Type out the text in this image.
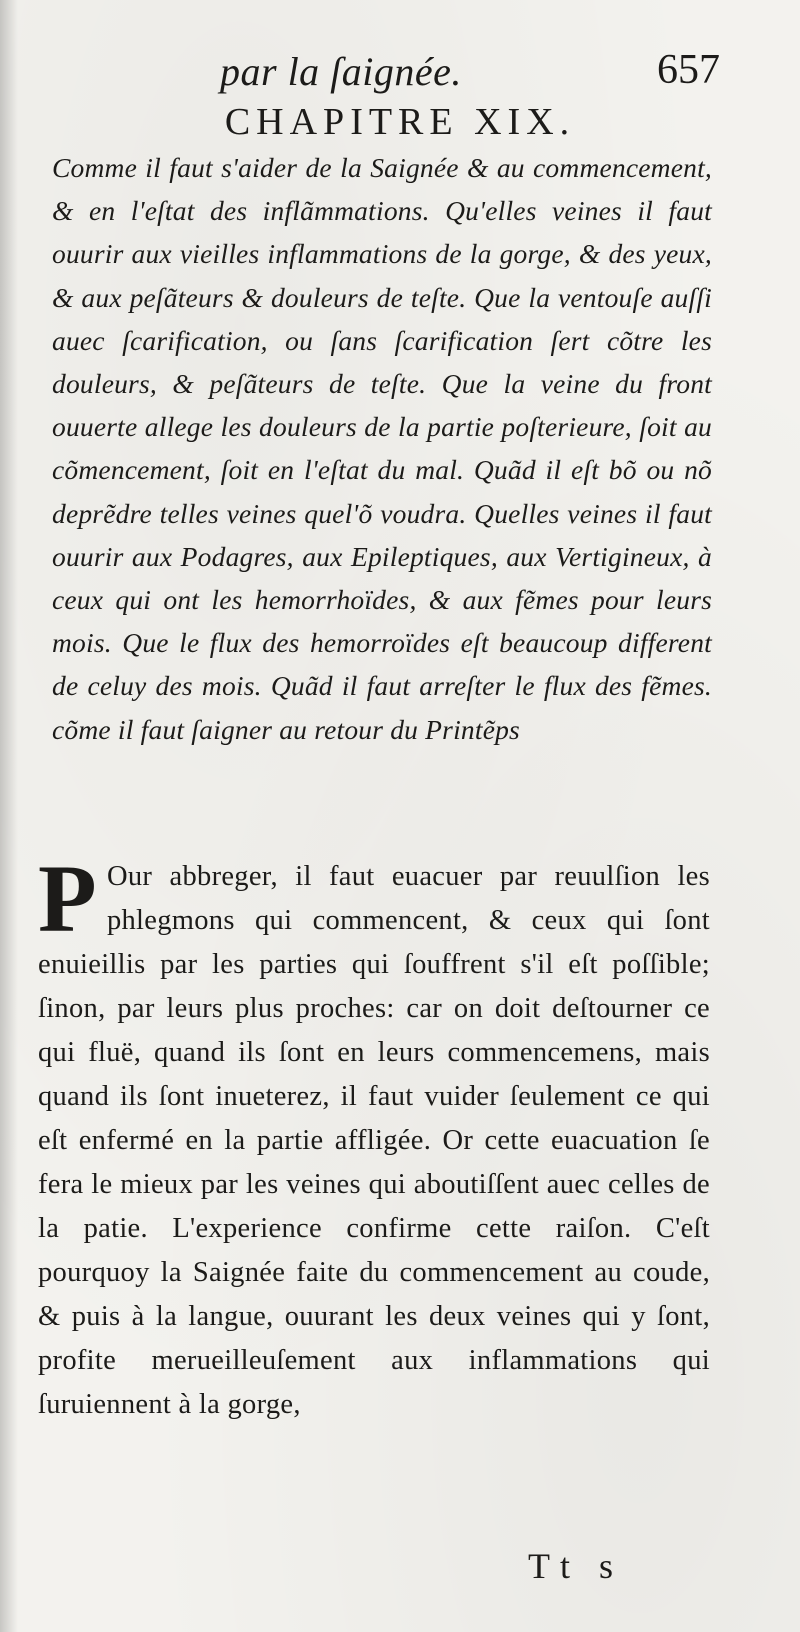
par la ſaignée.	657
CHAPITRE XIX.
Comme il faut s'aider de la Saignée & au commencement, & en l'eſtat des inflãmmations. Qu'elles veines il faut ouurir aux vieilles inflammations de la gorge, & des yeux, & aux peſãteurs & douleurs de teſte. Que la ventouſe auſſi auec ſcarification, ou ſans ſcarification ſert cõtre les douleurs, & peſãteurs de teſte. Que la veine du front ouuerte allege les douleurs de la partie poſterieure, ſoit au cõmencement, ſoit en l'eſtat du mal. Quãd il eſt bõ ou nõ deprẽdre telles veines quel'õ voudra. Quelles veines il faut ouurir aux Podagres, aux Epileptiques, aux Vertigineux, à ceux qui ont les hemorrhoïdes, & aux fẽmes pour leurs mois. Que le flux des hemorroïdes eſt beaucoup different de celuy des mois. Quãd il faut arreſter le flux des fẽmes. cõme il faut ſaigner au retour du Printẽps
P Our abbreger, il faut euacuer par reuulſion les phlegmons qui commencent, & ceux qui ſont enuieillis par les parties qui ſouffrent s'il eſt poſſible; ſinon, par leurs plus proches: car on doit deſtourner ce qui fluë, quand ils ſont en leurs commencemens, mais quand ils ſont inueterez, il faut vuider ſeulement ce qui eſt enfermé en la partie affligée. Or cette euacuation ſe fera le mieux par les veines qui aboutiſſent auec celles de la patie. L'experience confirme cette raiſon. C'eſt pourquoy la Saignée faite du commencement au coude, & puis à la langue, ouurant les deux veines qui y ſont, profite merueilleuſement aux inflammations qui ſuruiennent à la gorge,
Tt s
